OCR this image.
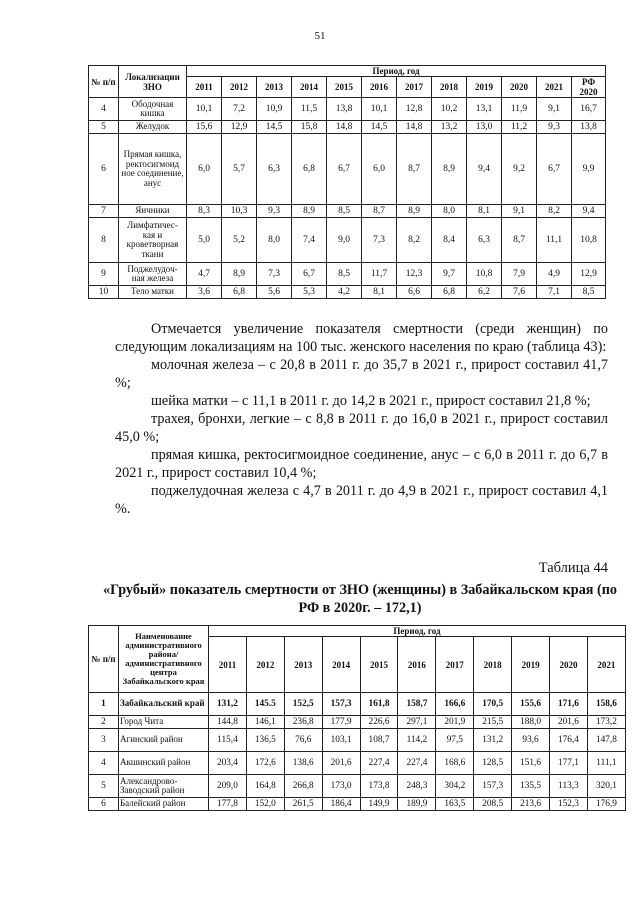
51
№ п/п	Локализации ЗНО	Период, год											
		2011	2012	2013	2014	2015	2016	2017	2018	2019	2020	2021	РФ 2020
4	Ободочная кишка	10,1	7,2	10,9	11,5	13,8	10,1	12,8	10,2	13,1	11,9	9,1	16,7
5	Желудок	15,6	12,9	14,5	15,8	14,8	14,5	14,8	13,2	13,0	11,2	9,3	13,8
6	Прямая кишка, ректосигмоид ное соединение, анус	6,0	5,7	6,3	6,8	6,7	6,0	8,7	8,9	9,4	9,2	6,7	9,9
7	Яичники	8,3	10,3	9,3	8,9	8,5	8,7	8,9	8,0	8,1	9,1	8,2	9,4
8	Лимфатичес- кая и кроветворная ткани	5,0	5,2	8,0	7,4	9,0	7,3	8,2	8,4	6,3	8,7	11,1	10,8
9	Поджелудоч- ная железа	4,7	8,9	7,3	6,7	8,5	11,7	12,3	9,7	10,8	7,9	4,9	12,9
10	Тело матки	3,6	6,8	5,6	5,3	4,2	8,1	6,6	6,8	6,2	7,6	7,1	8,5

Отмечается увеличение показателя смертности (среди женщин) по следующим локализациям на 100 тыс. женского населения по краю (таблица 43):

молочная железа – с 20,8 в 2011 г. до 35,7 в 2021 г., прирост составил 41,7 %;

шейка матки – с 11,1 в 2011 г. до 14,2 в 2021 г., прирост составил 21,8 %;

трахея, бронхи, легкие – с 8,8 в 2011 г. до 16,0 в 2021 г., прирост составил 45,0 %;

прямая кишка, ректосигмоидное соединение, анус – с 6,0 в 2011 г. до 6,7 в 2021 г., прирост составил 10,4 %;

поджелудочная железа с 4,7 в 2011 г. до 4,9 в 2021 г., прирост составил 4,1 %.

Таблица 44
«Грубый» показатель смертности от ЗНО (женщины) в Забайкальском края (по РФ в 2020г. – 172,1)
№ п/п	Наименование административного района/ административного центра Забайкальского края	Период, год										
		2011	2012	2013	2014	2015	2016	2017	2018	2019	2020	2021
1	Забайкальский край	131,2	145.5	152,5	157,3	161,8	158,7	166,6	170,5	155,6	171,6	158,6
2	Город Чита	144,8	146,1	236,8	177,9	226,6	297,1	201,9	215,5	188,0	201,6	173,2
3	Агинский район	115,4	136,5	76,6	103,1	108,7	114,2	97,5	131,2	93,6	176,4	147,8
4	Акшинский район	203,4	172,6	138,6	201,6	227,4	227,4	168,6	128,5	151,6	177,1	111,1
5	Александрово- Заводский район	209,0	164,8	266,8	173,0	173,8	248,3	304,2	157,3	135,5	113,3	320,1
6	Балейский район	177,8	152,0	261,5	186,4	149,9	189,9	163,5	208,5	213,6	152,3	176,9
